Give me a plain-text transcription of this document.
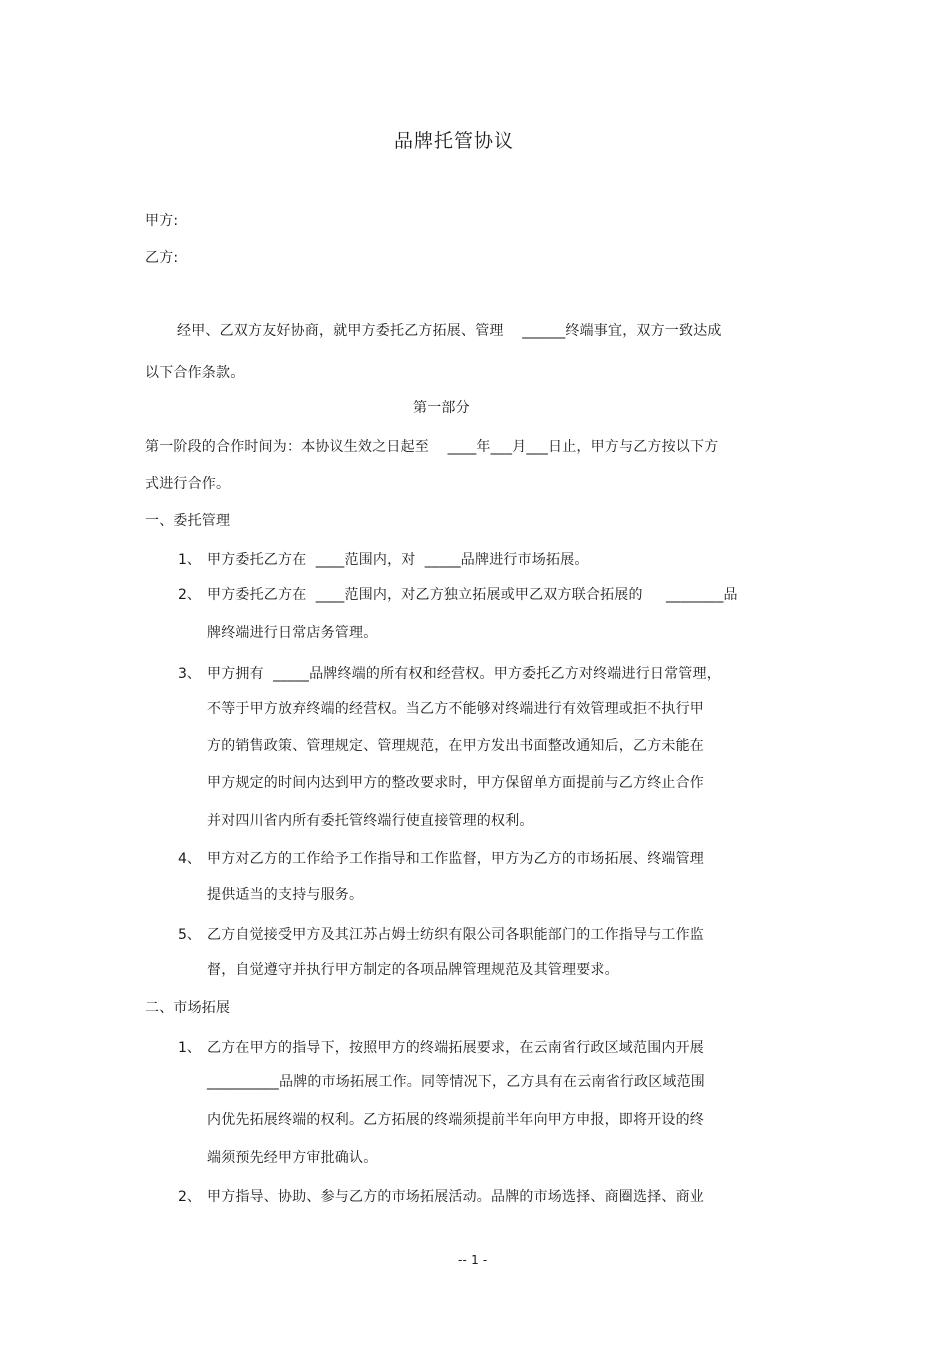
品牌托管协议
甲方:
乙方:
经甲、乙双方友好协商，就甲方委托乙方拓展、管理    ______终端事宜，双方一致达成
以下合作条款。
第一部分
第一阶段的合作时间为：本协议生效之日起至    ____年___月___日止，甲方与乙方按以下方
式进行合作。
一、委托管理
1、 甲方委托乙方在  ____范围内，对  _____品牌进行市场拓展。
2、 甲方委托乙方在  ____范围内，对乙方独立拓展或甲乙双方联合拓展的     ________品
牌终端进行日常店务管理。
3、 甲方拥有  _____品牌终端的所有权和经营权。甲方委托乙方对终端进行日常管理，
不等于甲方放弃终端的经营权。当乙方不能够对终端进行有效管理或拒不执行甲
方的销售政策、管理规定、管理规范，在甲方发出书面整改通知后，乙方未能在
甲方规定的时间内达到甲方的整改要求时，甲方保留单方面提前与乙方终止合作
并对四川省内所有委托管终端行使直接管理的权利。
4、 甲方对乙方的工作给予工作指导和工作监督，甲方为乙方的市场拓展、终端管理
提供适当的支持与服务。
5、 乙方自觉接受甲方及其江苏占姆士纺织有限公司各职能部门的工作指导与工作监
督，自觉遵守并执行甲方制定的各项品牌管理规范及其管理要求。
二、市场拓展
1、 乙方在甲方的指导下，按照甲方的终端拓展要求，在云南省行政区域范围内开展
__________品牌的市场拓展工作。同等情况下，乙方具有在云南省行政区域范围
内优先拓展终端的权利。乙方拓展的终端须提前半年向甲方申报，即将开设的终
端须预先经甲方审批确认。
2、 甲方指导、协助、参与乙方的市场拓展活动。品牌的市场选择、商圈选择、商业
-- 1 -
